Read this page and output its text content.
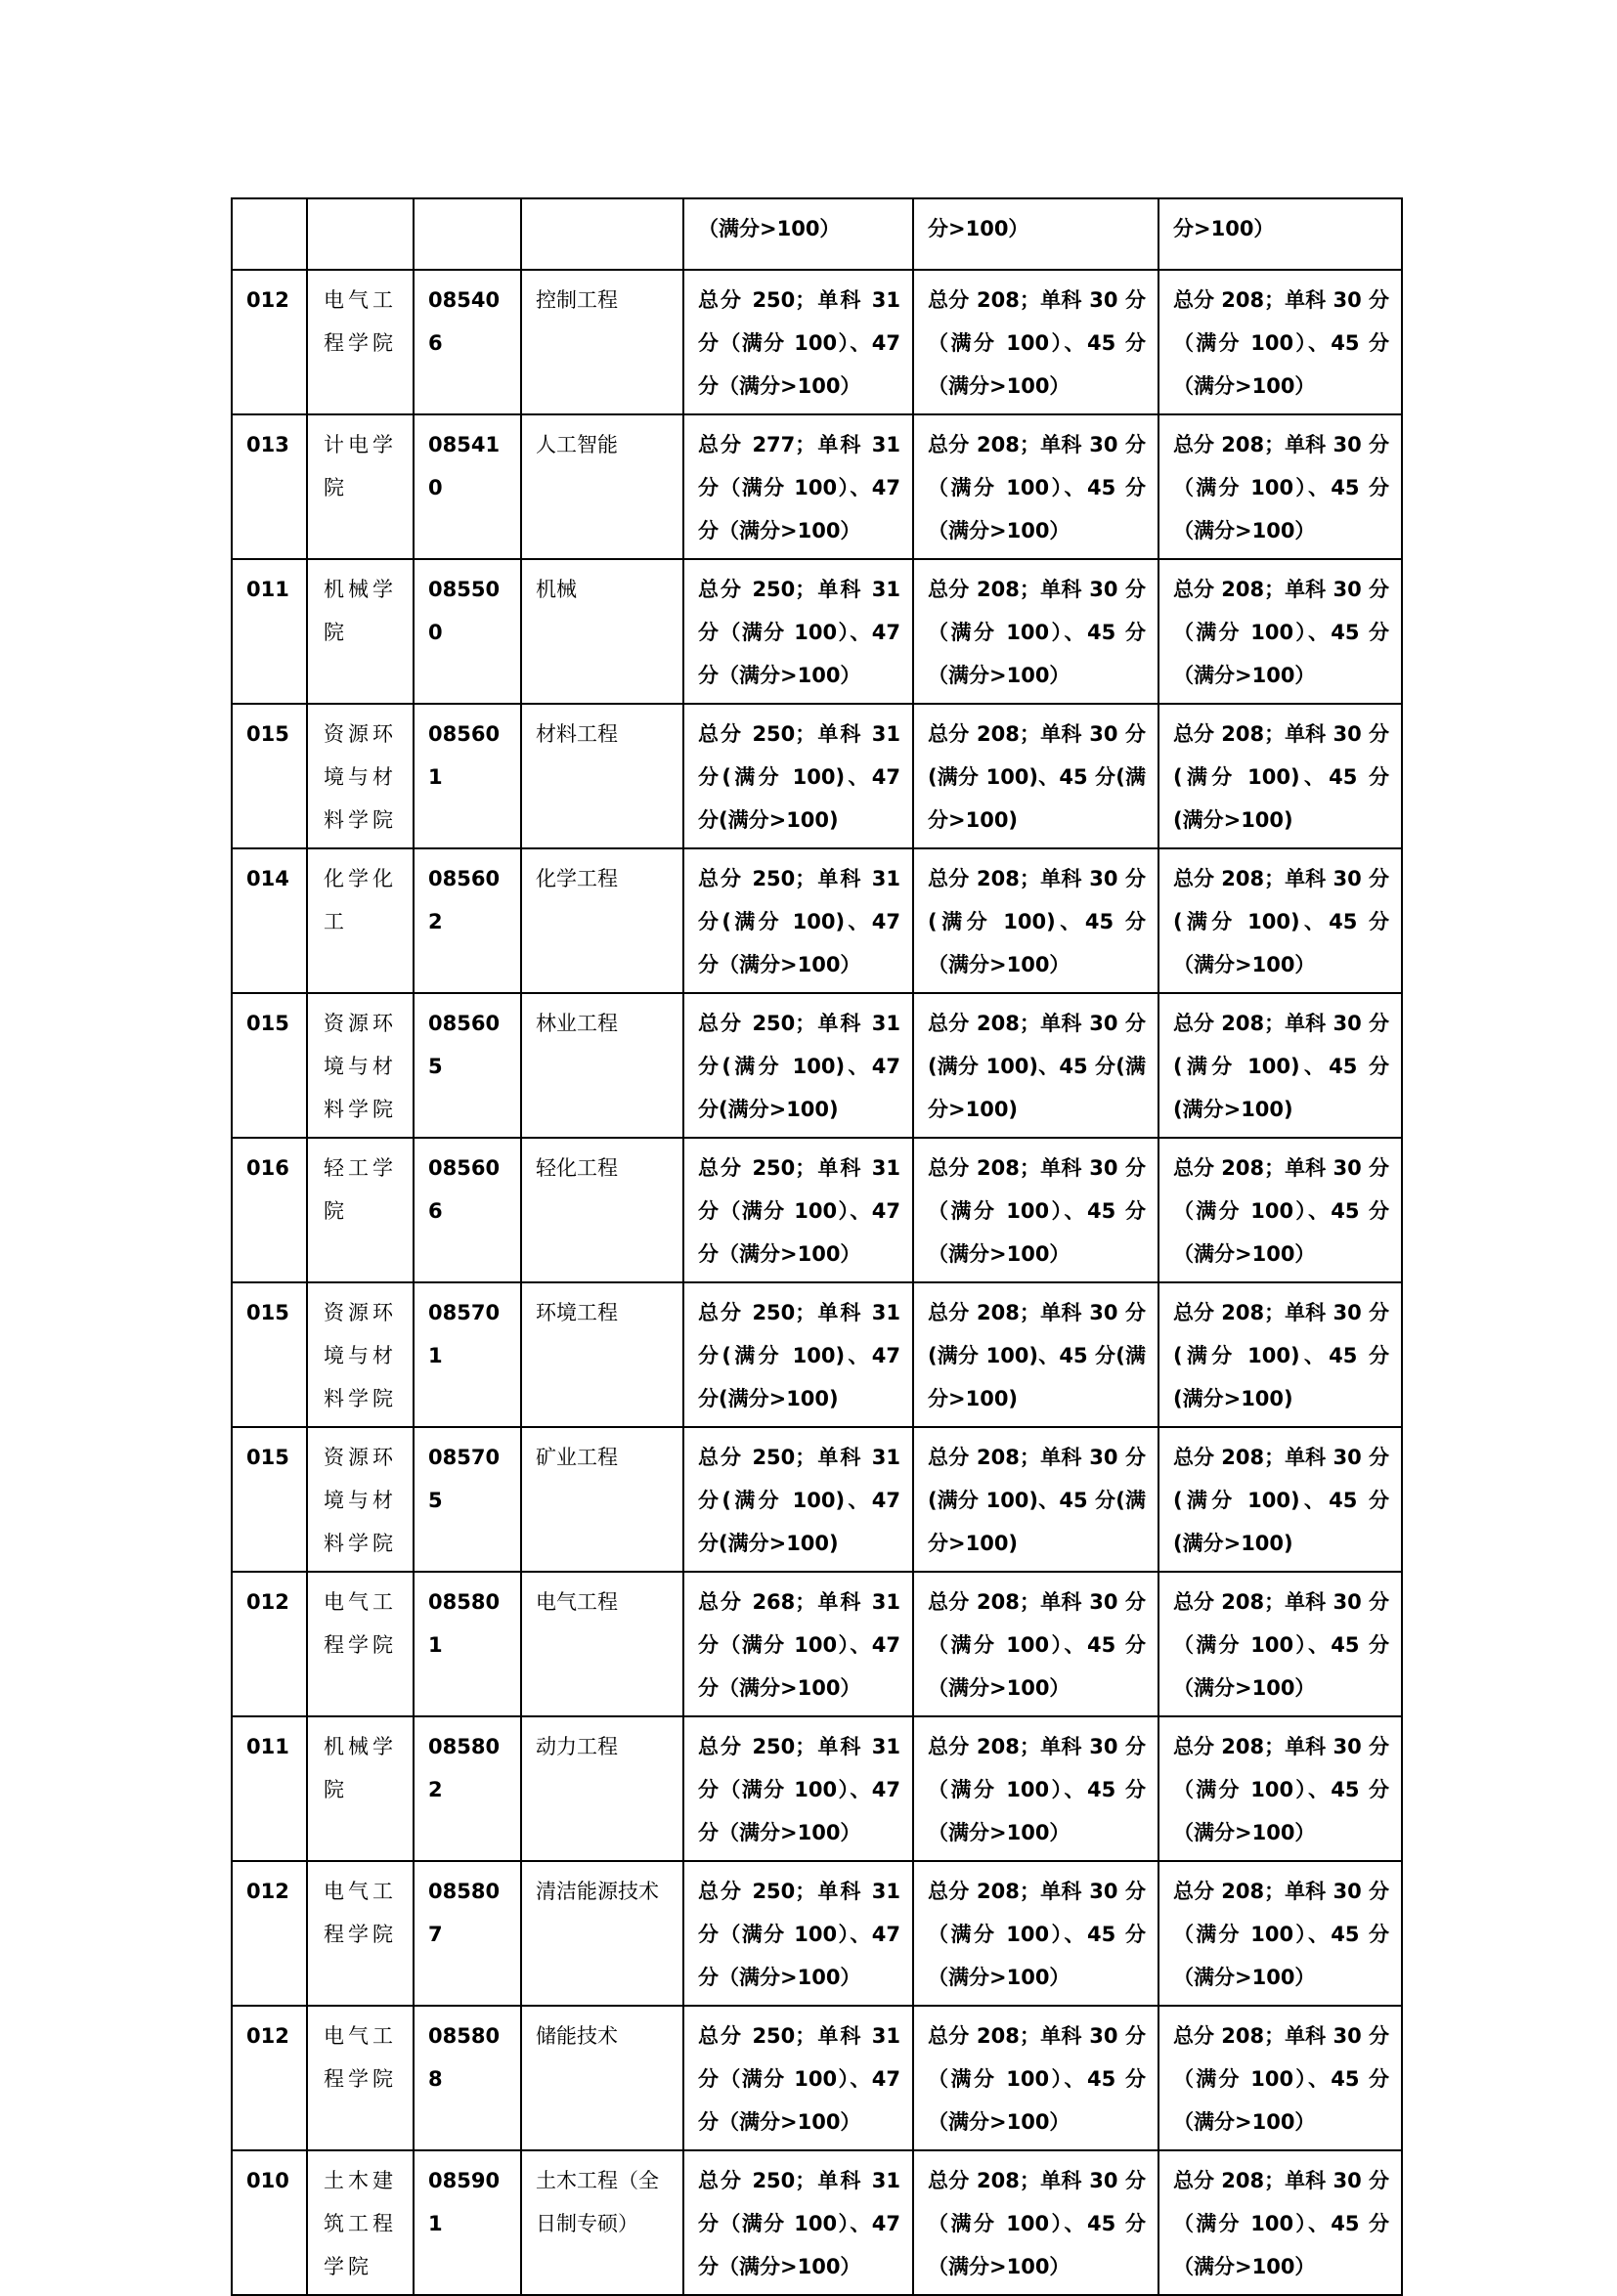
				（满分>100）	分>100）	分>100）
012	电气工程学院	085406	控制工程	总分 250；单科 31 分（满分 100）、47 分（满分>100）	总分 208；单科 30 分（满分 100）、45 分（满分>100）	总分 208；单科 30 分（满分 100）、45 分（满分>100）
013	计电学院	085410	人工智能	总分 277；单科 31 分（满分 100）、47 分（满分>100）	总分 208；单科 30 分（满分 100）、45 分（满分>100）	总分 208；单科 30 分（满分 100）、45 分（满分>100）
011	机械学院	085500	机械	总分 250；单科 31 分（满分 100）、47 分（满分>100）	总分 208；单科 30 分（满分 100）、45 分（满分>100）	总分 208；单科 30 分（满分 100）、45 分（满分>100）
015	资源环境与材料学院	085601	材料工程	总分 250；单科 31 分(满分 100)、47 分(满分>100)	总分 208；单科 30 分(满分 100)、45 分(满分>100)	总分 208；单科 30 分(满分 100)、45 分(满分>100)
014	化学化工	085602	化学工程	总分 250；单科 31 分(满分 100)、47 分（满分>100）	总分 208；单科 30 分(满分 100)、45 分（满分>100）	总分 208；单科 30 分(满分 100)、45 分（满分>100）
015	资源环境与材料学院	085605	林业工程	总分 250；单科 31 分(满分 100)、47 分(满分>100)	总分 208；单科 30 分(满分 100)、45 分(满分>100)	总分 208；单科 30 分(满分 100)、45 分(满分>100)
016	轻工学院	085606	轻化工程	总分 250；单科 31 分（满分 100）、47 分（满分>100）	总分 208；单科 30 分（满分 100）、45 分（满分>100）	总分 208；单科 30 分（满分 100）、45 分（满分>100）
015	资源环境与材料学院	085701	环境工程	总分 250；单科 31 分(满分 100)、47 分(满分>100)	总分 208；单科 30 分(满分 100)、45 分(满分>100)	总分 208；单科 30 分(满分 100)、45 分(满分>100)
015	资源环境与材料学院	085705	矿业工程	总分 250；单科 31 分(满分 100)、47 分(满分>100)	总分 208；单科 30 分(满分 100)、45 分(满分>100)	总分 208；单科 30 分(满分 100)、45 分(满分>100)
012	电气工程学院	085801	电气工程	总分 268；单科 31 分（满分 100）、47 分（满分>100）	总分 208；单科 30 分（满分 100）、45 分（满分>100）	总分 208；单科 30 分（满分 100）、45 分（满分>100）
011	机械学院	085802	动力工程	总分 250；单科 31 分（满分 100）、47 分（满分>100）	总分 208；单科 30 分（满分 100）、45 分（满分>100）	总分 208；单科 30 分（满分 100）、45 分（满分>100）
012	电气工程学院	085807	清洁能源技术	总分 250；单科 31 分（满分 100）、47 分（满分>100）	总分 208；单科 30 分（满分 100）、45 分（满分>100）	总分 208；单科 30 分（满分 100）、45 分（满分>100）
012	电气工程学院	085808	储能技术	总分 250；单科 31 分（满分 100）、47 分（满分>100）	总分 208；单科 30 分（满分 100）、45 分（满分>100）	总分 208；单科 30 分（满分 100）、45 分（满分>100）
010	土木建筑工程学院	085901	土木工程（全日制专硕）	总分 250；单科 31 分（满分 100）、47 分（满分>100）	总分 208；单科 30 分（满分 100）、45 分（满分>100）	总分 208；单科 30 分（满分 100）、45 分（满分>100）
